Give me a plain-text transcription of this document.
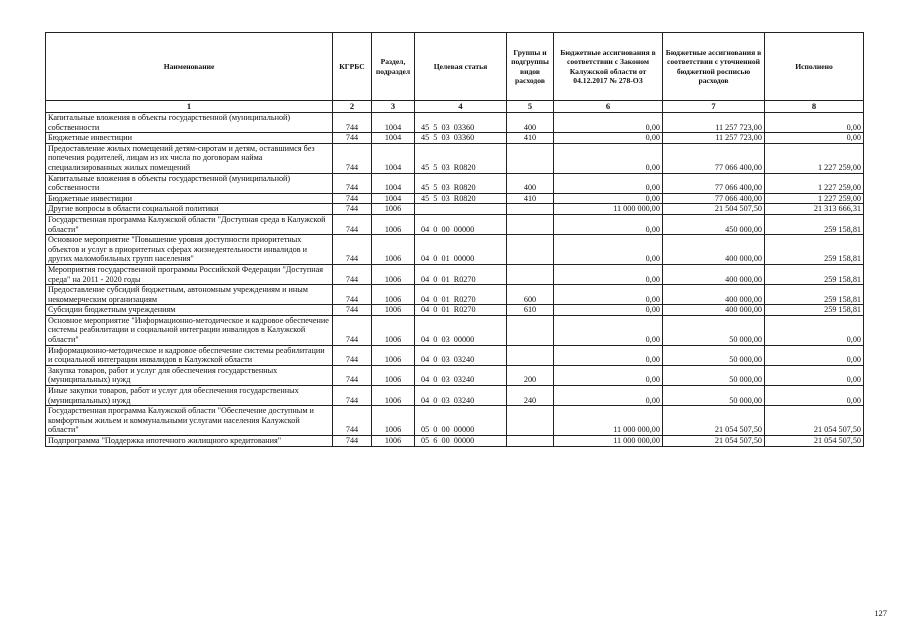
Наименование	КГРБС	Раздел, подраздел	Целевая статья	Группы и подгруппы видов расходов	Бюджетные ассигнования в соответствии с Законом Калужской области от 04.12.2017 № 278-ОЗ	Бюджетные ассигнования в соответствии с уточненной бюджетной росписью расходов	Исполнено
1	2	3	4	5	6	7	8
Капитальные вложения в объекты государственной (муниципальной) собственности	744	1004	45  5  03  03360	400	0,00	11 257 723,00	0,00
Бюджетные инвестиции	744	1004	45  5  03  03360	410	0,00	11 257 723,00	0,00
Предоставление жилых помещений детям-сиротам и детям, оставшимся без попечения родителей, лицам из их числа по договорам найма специализированных жилых помещений	744	1004	45  5  03  R0820		0,00	77 066 400,00	1 227 259,00
Капитальные вложения в объекты государственной (муниципальной) собственности	744	1004	45  5  03  R0820	400	0,00	77 066 400,00	1 227 259,00
Бюджетные инвестиции	744	1004	45  5  03  R0820	410	0,00	77 066 400,00	1 227 259,00
Другие вопросы в области социальной политики	744	1006			11 000 000,00	21 504 507,50	21 313 666,31
Государственная программа Калужской области "Доступная среда в Калужской области"	744	1006	04  0  00  00000		0,00	450 000,00	259 158,81
Основное мероприятие "Повышение уровня доступности приоритетных объектов и услуг в приоритетных сферах жизнедеятельности инвалидов и других маломобильных групп населения"	744	1006	04  0  01  00000		0,00	400 000,00	259 158,81
Мероприятия государственной программы Российской Федерации "Доступная среда" на 2011 - 2020 годы	744	1006	04  0  01  R0270		0,00	400 000,00	259 158,81
Предоставление субсидий бюджетным, автономным учреждениям и иным некоммерческим организациям	744	1006	04  0  01  R0270	600	0,00	400 000,00	259 158,81
Субсидии бюджетным учреждениям	744	1006	04  0  01  R0270	610	0,00	400 000,00	259 158,81
Основное мероприятие "Информационно-методическое и кадровое обеспечение системы реабилитации и социальной интеграции инвалидов в Калужской области"	744	1006	04  0  03  00000		0,00	50 000,00	0,00
Информационно-методическое и кадровое обеспечение системы реабилитации и социальной интеграции инвалидов в Калужской области	744	1006	04  0  03  03240		0,00	50 000,00	0,00
Закупка товаров, работ и услуг для обеспечения государственных (муниципальных) нужд	744	1006	04  0  03  03240	200	0,00	50 000,00	0,00
Иные закупки товаров, работ и услуг для обеспечения государственных (муниципальных) нужд	744	1006	04  0  03  03240	240	0,00	50 000,00	0,00
Государственная программа Калужской области "Обеспечение доступным и комфортным жильем и коммунальными услугами населения Калужской области"	744	1006	05  0  00  00000		11 000 000,00	21 054 507,50	21 054 507,50
Подпрограмма "Поддержка ипотечного жилищного кредитования"	744	1006	05  6  00  00000		11 000 000,00	21 054 507,50	21 054 507,50
127
